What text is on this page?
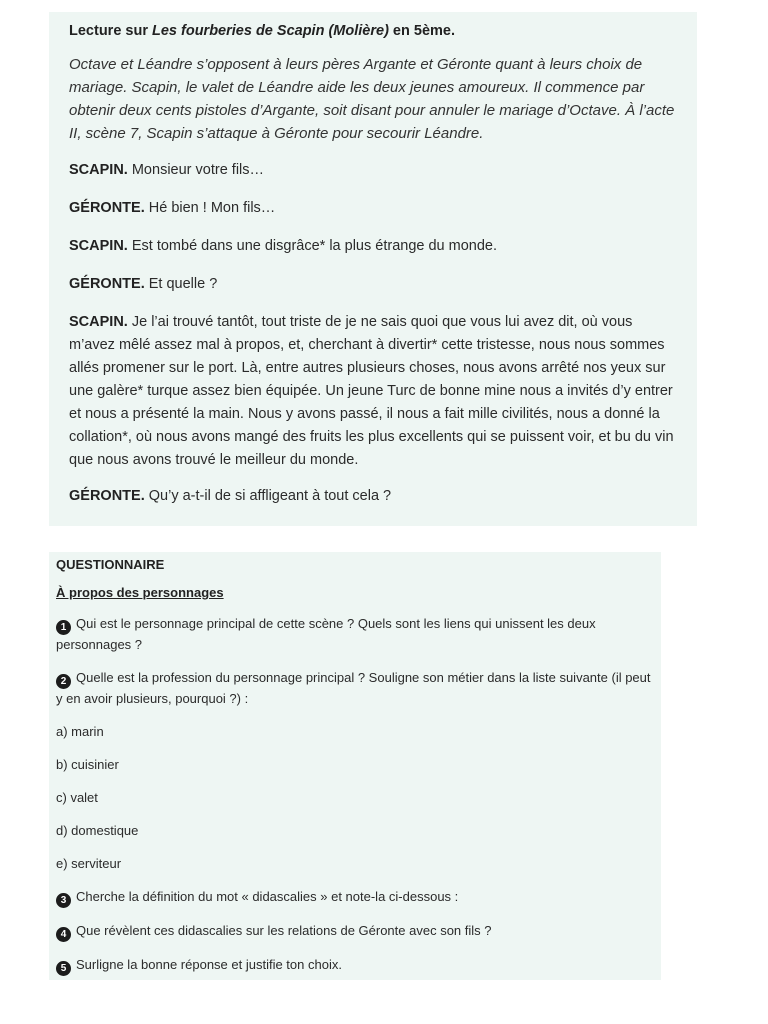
Lecture sur Les fourberies de Scapin (Molière) en 5ème.

Octave et Léandre s’opposent à leurs pères Argante et Géronte quant à leurs choix de mariage. Scapin, le valet de Léandre aide les deux jeunes amoureux. Il commence par obtenir deux cents pistoles d’Argante, soit disant pour annuler le mariage d’Octave. À l’acte II, scène 7, Scapin s’attaque à Géronte pour secourir Léandre.

SCAPIN. Monsieur votre fils…

GÉRONTE. Hé bien ! Mon fils…

SCAPIN. Est tombé dans une disgrâce* la plus étrange du monde.

GÉRONTE. Et quelle ?

SCAPIN. Je l’ai trouvé tantôt, tout triste de je ne sais quoi que vous lui avez dit, où vous m’avez mêlé assez mal à propos, et, cherchant à divertir* cette tristesse, nous nous sommes allés promener sur le port. Là, entre autres plusieurs choses, nous avons arrêté nos yeux sur une galère* turque assez bien équipée. Un jeune Turc de bonne mine nous a invités d’y entrer et nous a présenté la main. Nous y avons passé, il nous a fait mille civilités, nous a donné la collation*, où nous avons mangé des fruits les plus excellents qui se puissent voir, et bu du vin que nous avons trouvé le meilleur du monde.

GÉRONTE. Qu’y a-t-il de si affligeant à tout cela ?

QUESTIONNAIRE

À propos des personnages

1 Qui est le personnage principal de cette scène ? Quels sont les liens qui unissent les deux personnages ?

2 Quelle est la profession du personnage principal ? Souligne son métier dans la liste suivante (il peut y en avoir plusieurs, pourquoi ?) :

a) marin

b) cuisinier

c) valet

d) domestique

e) serviteur

3 Cherche la définition du mot « didascalies » et note-la ci-dessous :

4 Que révèlent ces didascalies sur les relations de Géronte avec son fils ?

5 Surligne la bonne réponse et justifie ton choix.
